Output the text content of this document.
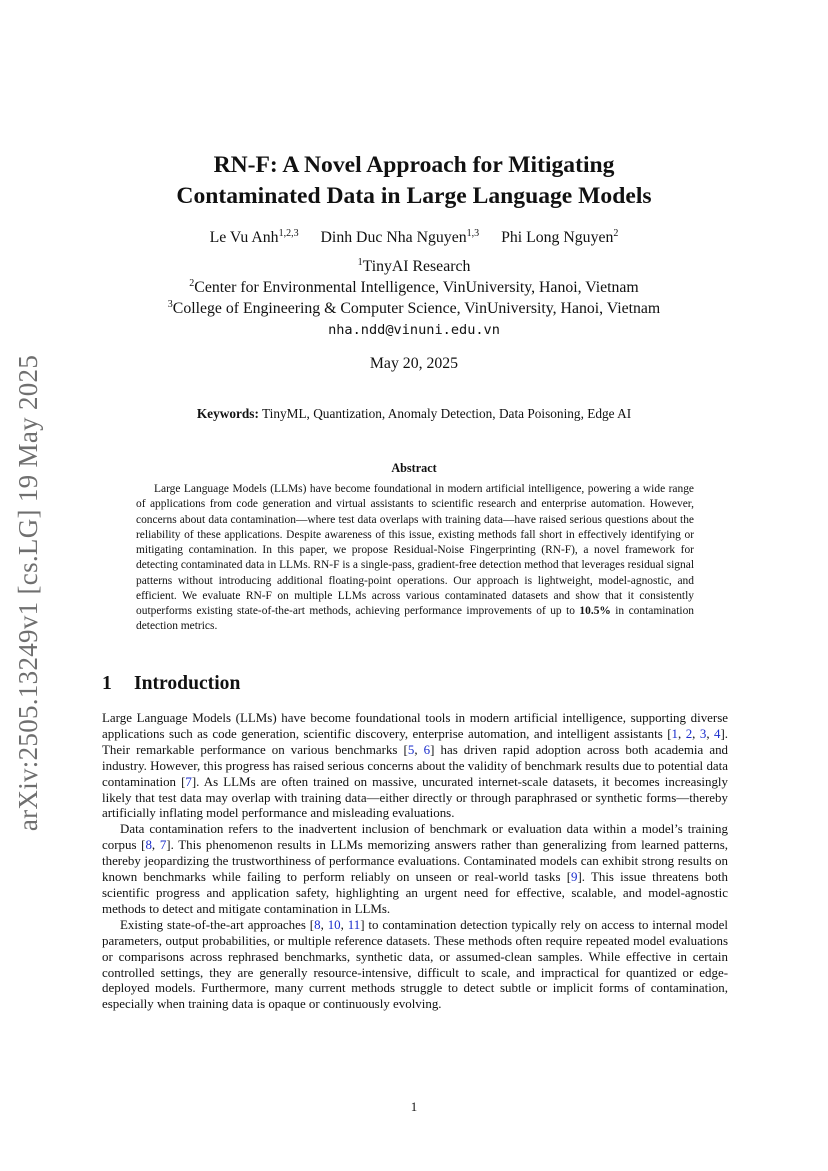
arXiv:2505.13249v1 [cs.LG] 19 May 2025
RN-F: A Novel Approach for Mitigating
Contaminated Data in Large Language Models
Le Vu Anh$^{1,2,3}$ Dinh Duc Nha Nguyen$^{1,3}$ Phi Long Nguyen$^2$
$^1$TinyAI Research
$^2$Center for Environmental Intelligence, VinUniversity, Hanoi, Vietnam
$^3$College of Engineering & Computer Science, VinUniversity, Hanoi, Vietnam
nha.ndd@vinuni.edu.vn
May 20, 2025
Keywords: TinyML, Quantization, Anomaly Detection, Data Poisoning, Edge AI
Abstract

Large Language Models (LLMs) have become foundational in modern artificial intelligence, powering a wide range of applications from code generation and virtual assistants to scientific research and enterprise automation. However, concerns about data contamination—where test data overlaps with training data—have raised serious questions about the reliability of these applications. Despite awareness of this issue, existing methods fall short in effectively identifying or mitigating contamination. In this paper, we propose Residual-Noise Fingerprinting (RN-F), a novel framework for detecting contaminated data in LLMs. RN-F is a single-pass, gradient-free detection method that leverages residual signal patterns without introducing additional floating-point operations. Our approach is lightweight, model-agnostic, and efficient. We evaluate RN-F on multiple LLMs across various contaminated datasets and show that it consistently outperforms existing state-of-the-art methods, achieving performance improvements of up to 10.5% in contamination detection metrics.

1 Introduction

Large Language Models (LLMs) have become foundational tools in modern artificial intelligence, supporting diverse applications such as code generation, scientific discovery, enterprise automation, and intelligent assistants [1, 2, 3, 4]. Their remarkable performance on various benchmarks [5, 6] has driven rapid adoption across both academia and industry. However, this progress has raised serious concerns about the validity of benchmark results due to potential data contamination [7]. As LLMs are often trained on massive, uncurated internet-scale datasets, it becomes increasingly likely that test data may overlap with training data—either directly or through paraphrased or synthetic forms—thereby artificially inflating model performance and misleading evaluations.

Data contamination refers to the inadvertent inclusion of benchmark or evaluation data within a model’s training corpus [8, 7]. This phenomenon results in LLMs memorizing answers rather than generalizing from learned patterns, thereby jeopardizing the trustworthiness of performance evaluations. Contaminated models can exhibit strong results on known benchmarks while failing to perform reliably on unseen or real-world tasks [9]. This issue threatens both scientific progress and application safety, highlighting an urgent need for effective, scalable, and model-agnostic methods to detect and mitigate contamination in LLMs.

Existing state-of-the-art approaches [8, 10, 11] to contamination detection typically rely on access to internal model parameters, output probabilities, or multiple reference datasets. These methods often require repeated model evaluations or comparisons across rephrased benchmarks, synthetic data, or assumed-clean samples. While effective in certain controlled settings, they are generally resource-intensive, difficult to scale, and impractical for quantized or edge-deployed models. Furthermore, many current methods struggle to detect subtle or implicit forms of contamination, especially when training data is opaque or continuously evolving.

1
